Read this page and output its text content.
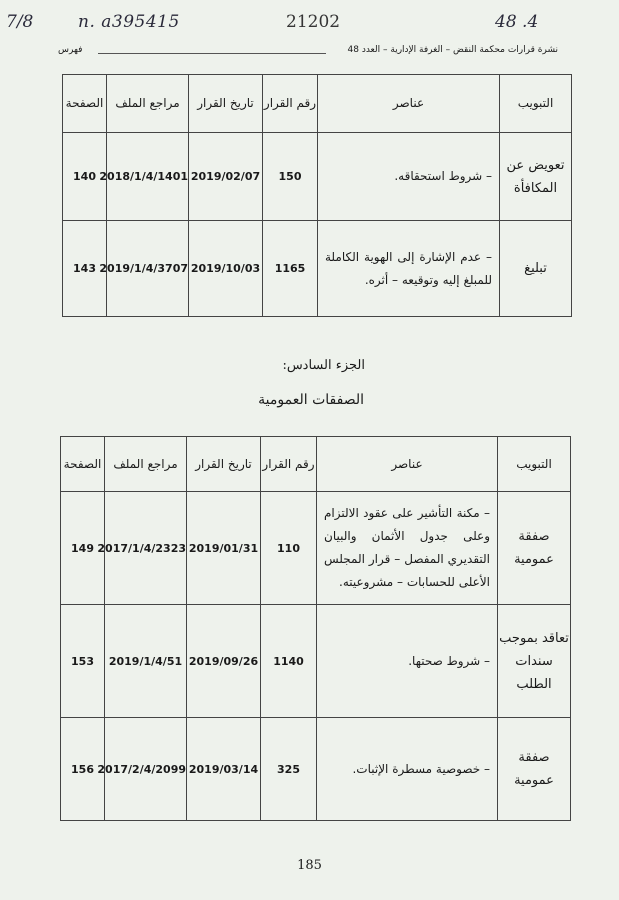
7/8	n. a395415	21202	48 .4
نشرة قرارات محكمة النقض – الغرفة الإدارية – العدد 48
فهرس
التبويب	عناصر	رقم القرار	تاريخ القرار	مراجع الملف	الصفحة
تعويض عن المكافأة	– شروط استحقاقه.	150	2019/02/07	2018/1/4/1401	140
تبليغ	– عدم الإشارة إلى الهوية الكاملة للمبلغ إليه وتوقيعه – أثره.	1165	2019/10/03	2019/1/4/3707	143
الجزء السادس:
الصفقات العمومية
التبويب	عناصر	رقم القرار	تاريخ القرار	مراجع الملف	الصفحة
صفقة عمومية	– مكنة التأشير على عقود الالتزام وعلى جدول الأثمان والبيان التقديري المفصل – قرار المجلس الأعلى للحسابات – مشروعيته.	110	2019/01/31	2017/1/4/2323	149
تعاقد بموجب سندات الطلب	– شروط صحتها.	1140	2019/09/26	2019/1/4/51	153
صفقة عمومية	– خصوصية مسطرة الإثبات.	325	2019/03/14	2017/2/4/2099	156
185
